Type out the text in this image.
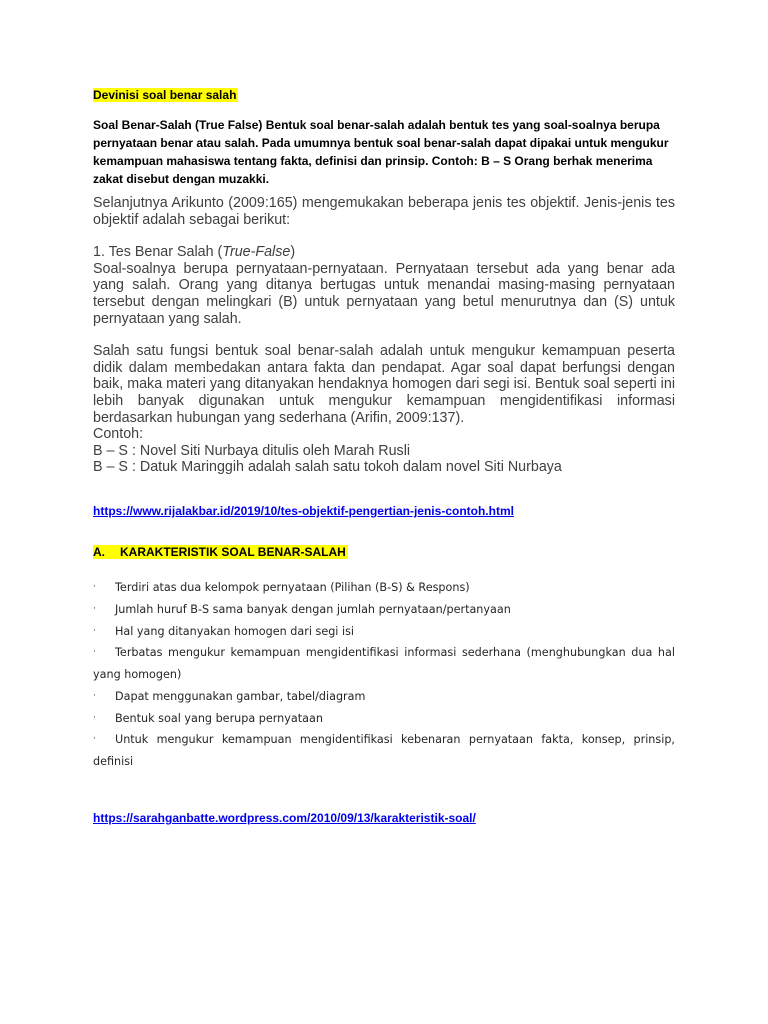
Devinisi soal benar salah
Soal Benar-Salah (True False) Bentuk soal benar-salah adalah bentuk tes yang soal-soalnya berupa pernyataan benar atau salah. Pada umumnya bentuk soal benar-salah dapat dipakai untuk mengukur kemampuan mahasiswa tentang fakta, definisi dan prinsip. Contoh: B – S Orang berhak menerima zakat disebut dengan muzakki.
Selanjutnya Arikunto (2009:165) mengemukakan beberapa jenis tes objektif. Jenis-jenis tes objektif adalah sebagai berikut:
1. Tes Benar Salah (True-False)
Soal-soalnya berupa pernyataan-pernyataan. Pernyataan tersebut ada yang benar ada yang salah. Orang yang ditanya bertugas untuk menandai masing-masing pernyataan tersebut dengan melingkari (B) untuk pernyataan yang betul menurutnya dan (S) untuk pernyataan yang salah.
Salah satu fungsi bentuk soal benar-salah adalah untuk mengukur kemampuan peserta didik dalam membedakan antara fakta dan pendapat. Agar soal dapat berfungsi dengan baik, maka materi yang ditanyakan hendaknya homogen dari segi isi. Bentuk soal seperti ini lebih banyak digunakan untuk mengukur kemampuan mengidentifikasi informasi berdasarkan hubungan yang sederhana (Arifin, 2009:137).
Contoh:
B – S : Novel Siti Nurbaya ditulis oleh Marah Rusli
B – S : Datuk Maringgih adalah salah satu tokoh dalam novel Siti Nurbaya
https://www.rijalakbar.id/2019/10/tes-objektif-pengertian-jenis-contoh.html
A. KARAKTERISTIK SOAL BENAR-SALAH
· Terdiri atas dua kelompok pernyataan (Pilihan (B-S) & Respons)
· Jumlah huruf B-S sama banyak dengan jumlah pernyataan/pertanyaan
· Hal yang ditanyakan homogen dari segi isi
· Terbatas mengukur kemampuan mengidentifikasi informasi sederhana (menghubungkan dua hal yang homogen)
· Dapat menggunakan gambar, tabel/diagram
· Bentuk soal yang berupa pernyataan
· Untuk mengukur kemampuan mengidentifikasi kebenaran pernyataan fakta, konsep, prinsip, definisi
https://sarahganbatte.wordpress.com/2010/09/13/karakteristik-soal/
